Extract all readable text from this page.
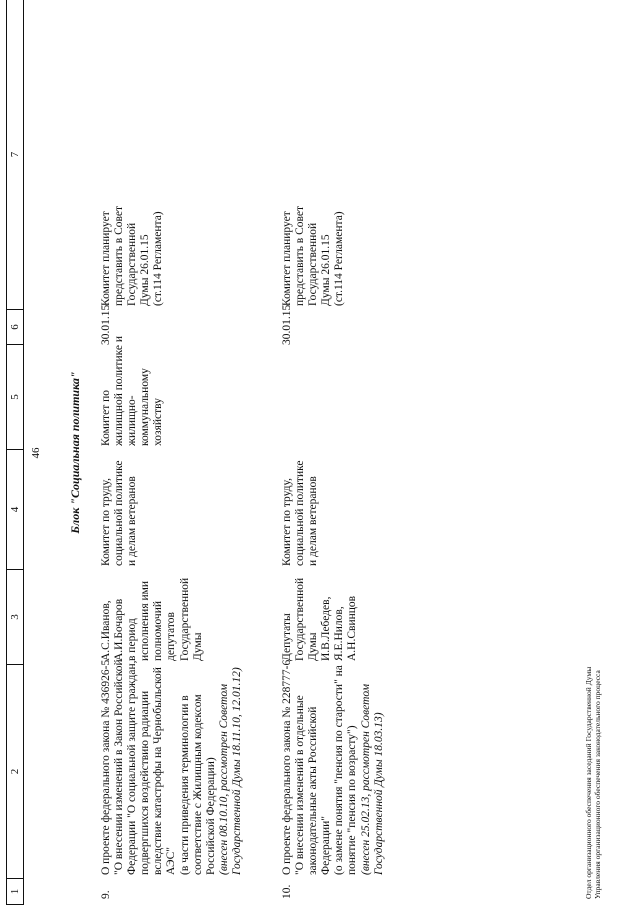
46
1
2
3
4
5
6
7
Блок "Социальная политика"
9.
О проекте федерального закона № 436926-5 "О внесении изменений в Закон Российской Федерации "О социальной защите граждан, подвергшихся воздействию радиации вследствие катастрофы на Чернобыльской АЭС" (в части приведения терминологии в соответствие с Жилищным кодексом Российской Федерации) (внесен 08.10.10, рассмотрен Советом Государственной Думы 18.11.10, 12.01.12)
А.С.Иванов, А.И.Бочаров в период исполнения ими полномочий депутатов Государственной Думы
Комитет по труду, социальной политике и делам ветеранов
Комитет по жилищной политике и жилищно- коммунальному хозяйству
30.01.15
Комитет планирует представить в Совет Государственной Думы 26.01.15 (ст.114 Регламента)
10.
О проекте федерального закона № 228777-6 "О внесении изменений в отдельные законодательные акты Российской Федерации" (о замене понятия "пенсия по старости" на понятие "пенсия по возрасту") (внесен 25.02.13, рассмотрен Советом Государственной Думы 18.03.13)
Депутаты Государственной Думы И.В.Лебедев, Я.Е.Нилов, А.Н.Свинцов
Комитет по труду, социальной политике и делам ветеранов
30.01.15
Комитет планирует представить в Совет Государственной Думы 26.01.15 (ст.114 Регламента)
Отдел организационного обеспечения заседаний Государственной Думы Управления организационного обеспечения законодательного процесса
